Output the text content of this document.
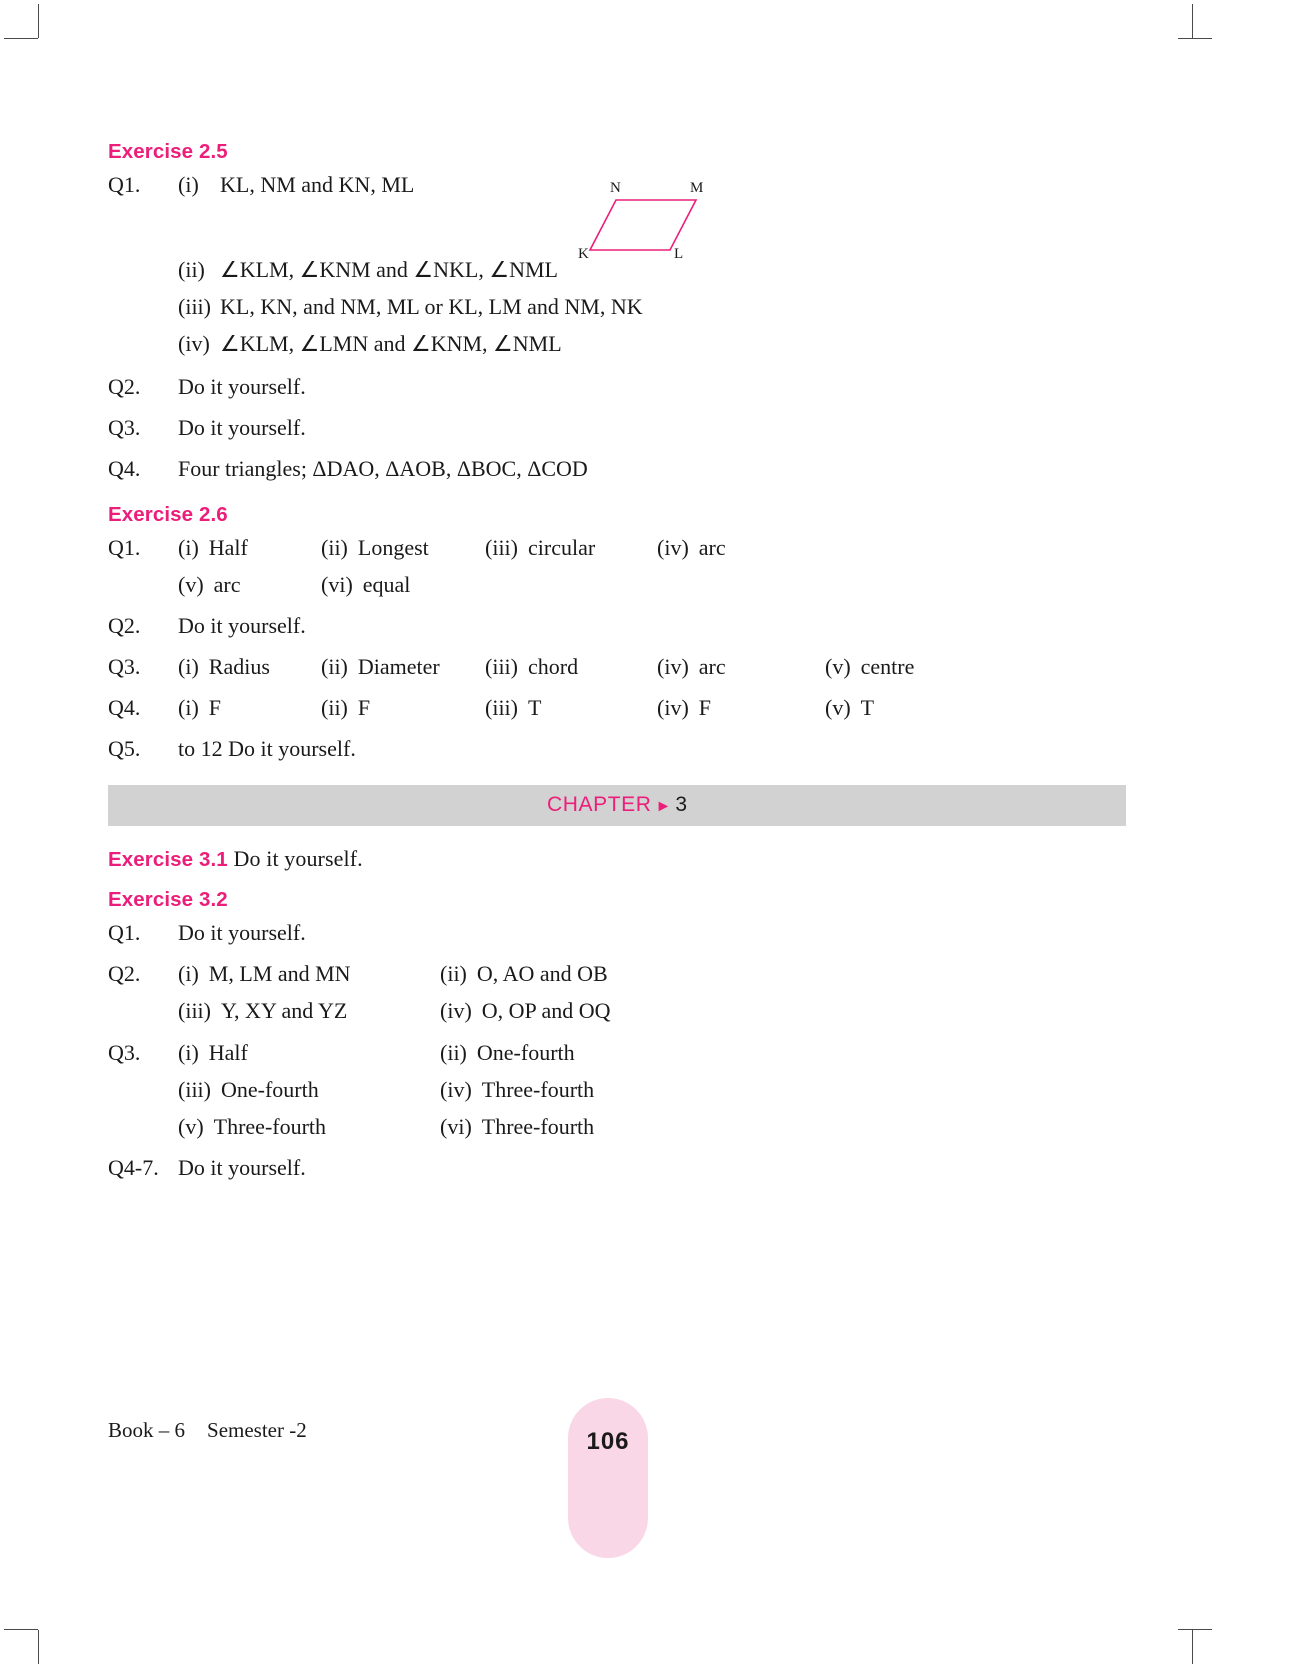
Exercise 2.5
N	M
K	L
Q1.	(i) KL, NM and KN, ML
(ii) ∠KLM, ∠KNM and ∠NKL, ∠NML
(iii) KL, KN, and NM, ML or KL, LM and NM, NK
(iv) ∠KLM, ∠LMN and ∠KNM, ∠NML
Q2.	Do it yourself.
Q3.	Do it yourself.
Q4.	Four triangles; ΔDAO, ΔAOB, ΔBOC, ΔCOD
Exercise 2.6
Q1.	(i) Half	(ii) Longest	(iii) circular	(iv) arc
(v) arc	(vi) equal
Q2.	Do it yourself.
Q3.	(i) Radius (ii) Diameter (iii) chord	(iv) arc	(v) centre
Q4.	(i) F	(ii) F	(iii) T	(iv) F	(v) T
Q5.	to 12 Do it yourself.
CHAPTER ► 3
Exercise 3.1 Do it yourself.
Exercise 3.2
Q1.	Do it yourself.
Q2.	(i) M, LM and MN	(ii) O, AO and OB
(iii) Y, XY and YZ	(iv) O, OP and OQ
Q3.	(i) Half	(ii) One-fourth
(iii) One-fourth	(iv) Three-fourth
(v) Three-fourth	(vi) Three-fourth
Q4-7. Do it yourself.
Book – 6 Semester -2	106
